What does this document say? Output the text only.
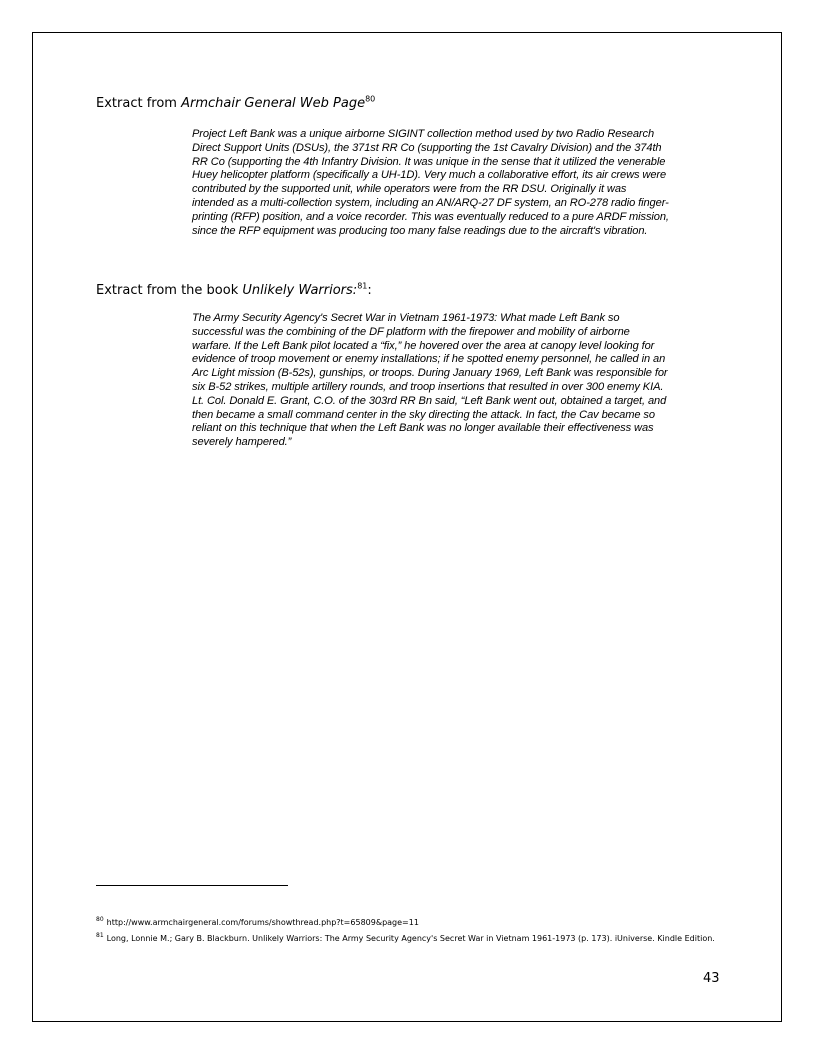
Extract from Armchair General Web Page$^{80}$
Project Left Bank was a unique airborne SIGINT collection method used by two Radio Research
Direct Support Units (DSUs), the 371st RR Co (supporting the 1st Cavalry Division) and the 374th
RR Co (supporting the 4th Infantry Division. It was unique in the sense that it utilized the venerable
Huey helicopter platform (specifically a UH-1D). Very much a collaborative effort, its air crews were
contributed by the supported unit, while operators were from the RR DSU. Originally it was
intended as a multi-collection system, including an AN/ARQ-27 DF system, an RO-278 radio finger-
printing (RFP) position, and a voice recorder. This was eventually reduced to a pure ARDF mission,
since the RFP equipment was producing too many false readings due to the aircraft's vibration.
Extract from the book Unlikely Warriors:$^{81}$:
The Army Security Agency's Secret War in Vietnam 1961-1973: What made Left Bank so
successful was the combining of the DF platform with the firepower and mobility of airborne
warfare. If the Left Bank pilot located a “fix,” he hovered over the area at canopy level looking for
evidence of troop movement or enemy installations; if he spotted enemy personnel, he called in an
Arc Light mission (B-52s), gunships, or troops. During January 1969, Left Bank was responsible for
six B-52 strikes, multiple artillery rounds, and troop insertions that resulted in over 300 enemy KIA.
Lt. Col. Donald E. Grant, C.O. of the 303rd RR Bn said, “Left Bank went out, obtained a target, and
then became a small command center in the sky directing the attack. In fact, the Cav became so
reliant on this technique that when the Left Bank was no longer available their effectiveness was
severely hampered.”

$^{80}$ http://www.armchairgeneral.com/forums/showthread.php?t=65809&page=11

$^{81}$ Long, Lonnie M.; Gary B. Blackburn. Unlikely Warriors: The Army Security Agency's Secret War in Vietnam 1961-1973 (p. 173). iUniverse. Kindle Edition.

43
